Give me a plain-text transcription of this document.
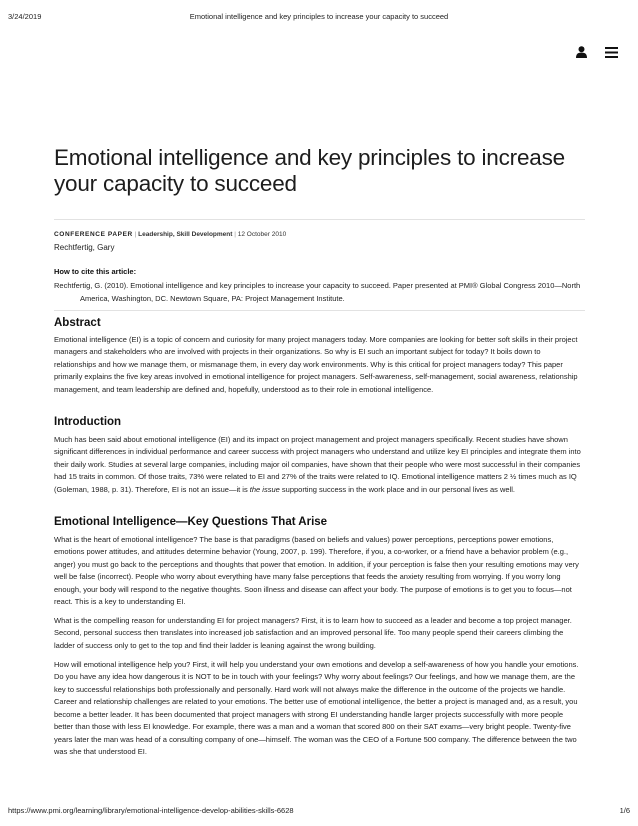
3/24/2019	Emotional intelligence and key principles to increase your capacity to succeed
Emotional intelligence and key principles to increase your capacity to succeed
CONFERENCE PAPER | Leadership, Skill Development | 12 October 2010
Rechtfertig, Gary
How to cite this article:

Rechtfertig, G. (2010). Emotional intelligence and key principles to increase your capacity to succeed. Paper presented at PMI® Global Congress 2010—North America, Washington, DC. Newtown Square, PA: Project Management Institute.

Abstract

Emotional intelligence (EI) is a topic of concern and curiosity for many project managers today. More companies are looking for better soft skills in their project managers and stakeholders who are involved with projects in their organizations. So why is EI such an important subject for today? It boils down to relationships and how we manage them, or mismanage them, in every day work environments. Why is this critical for project managers today? This paper primarily explains the five key areas involved in emotional intelligence for project managers. Self-awareness, self-management, social awareness, relationship management, and team leadership are defined and, hopefully, understood as to their role in emotional intelligence.

Introduction

Much has been said about emotional intelligence (EI) and its impact on project management and project managers specifically. Recent studies have shown significant differences in individual performance and career success with project managers who understand and utilize key EI principles and integrate them into their daily work. Studies at several large companies, including major oil companies, have shown that their people who were most successful in their companies had 15 traits in common. Of those traits, 73% were related to EI and 27% of the traits were related to IQ. Emotional intelligence matters 2 ½ times much as IQ (Goleman, 1988, p. 31). Therefore, EI is not an issue—it is the issue supporting success in the work place and in our personal lives as well.

Emotional Intelligence—Key Questions That Arise

What is the heart of emotional intelligence? The base is that paradigms (based on beliefs and values) power perceptions, perceptions power emotions, emotions power attitudes, and attitudes determine behavior (Young, 2007, p. 199). Therefore, if you, a co-worker, or a friend have a behavior problem (e.g., anger) you must go back to the perceptions and thoughts that power that emotion. In addition, if your perception is false then your resulting emotions may very well be false (incorrect). People who worry about everything have many false perceptions that feeds the anxiety resulting from worrying. If you worry long enough, your body will respond to the negative thoughts. Soon illness and disease can affect your body. The purpose of emotions is to get you to focus—not react. This is a key to understanding EI.

What is the compelling reason for understanding EI for project managers? First, it is to learn how to succeed as a leader and become a top project manager. Second, personal success then translates into increased job satisfaction and an improved personal life. Too many people spend their careers climbing the ladder of success only to get to the top and find their ladder is leaning against the wrong building.

How will emotional intelligence help you? First, it will help you understand your own emotions and develop a self-awareness of how you handle your emotions. Do you have any idea how dangerous it is NOT to be in touch with your feelings? Why worry about feelings? Our feelings, and how we manage them, are the key to successful relationships both professionally and personally. Hard work will not always make the difference in the outcome of the projects we handle. Career and relationship challenges are related to your emotions. The better use of emotional intelligence, the better a project is managed and, as a result, you become a better leader. It has been documented that project managers with strong EI understanding handle larger projects successfully with more people better than those with less EI knowledge. For example, there was a man and a woman that scored 800 on their SAT exams—very bright people. Twenty-five years later the man was head of a consulting company of one—himself. The woman was the CEO of a Fortune 500 company. The difference between the two was she that understood EI.

https://www.pmi.org/learning/library/emotional-intelligence-develop-abilities-skills-6628	1/6
